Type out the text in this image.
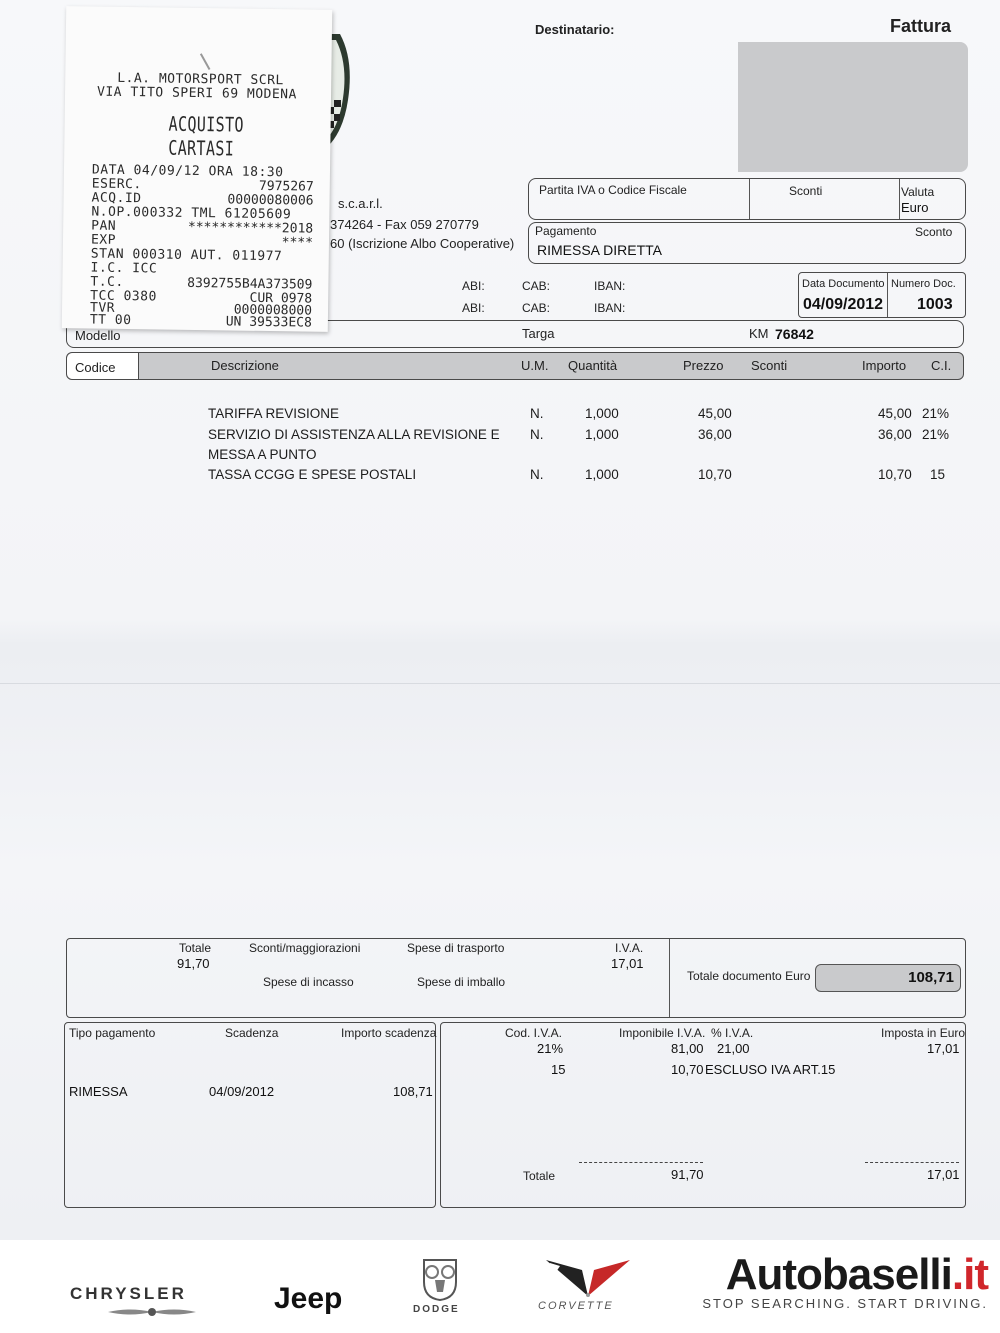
Destinatario:	Fattura
s.c.a.r.l.
374264 - Fax 059 270779
60 (Iscrizione Albo Cooperative)
Partita IVA o Codice Fiscale	Sconti	Valuta
Euro
Pagamento	Sconto
RIMESSA DIRETTA
ABI:	CAB:	IBAN:
ABI:	CAB:	IBAN:
Data Documento Numero Doc.
04/09/2012 1003
Modello	Targa	KM 76842
Codice	Descrizione	U.M. Quantità	Prezzo Sconti	Importo C.I.
TARIFFA REVISIONE	N.	1,000	45,00	45,00 21%
SERVIZIO DI ASSISTENZA ALLA REVISIONE E
MESSA A PUNTO
N.	1,000	36,00	36,00 21%
TASSA CCGG E SPESE POSTALI	N.	1,000	10,70	10,70 15
Totale
91,70
Sconti/maggiorazioni	Spese di trasporto	I.V.A.
17,01
Spese di incasso	Spese di imballo	Totale documento Euro	108,71
Tipo pagamento	Scadenza	Importo scadenza
RIMESSA	04/09/2012	108,71
Cod. I.V.A.	Imponibile I.V.A. % I.V.A.	Imposta in Euro
21%	81,00 21,00	17,01
15	10,70 ESCLUSO IVA ART.15
Totale	91,70	17,01
L.A. MOTORSPORT SCRL
VIA TITO SPERI 69 MODENA
ACQUISTO
CARTASI
DATA 04/09/12 ORA 18:30
ESERC.	7975267
ACQ.ID	00000080006
N.OP.000332 TML 61205609
PAN	************2018
EXP	****
STAN 000310 AUT. 011977
I.C. ICC
T.C.	8392755B4A373509
TCC 0380	CUR 0978
TVR	0000008000
TT 00	UN 39533EC8
CHRYSLER	Jeep	DODGE	CORVETTE
Autobaselli.it
STOP SEARCHING. START DRIVING.
